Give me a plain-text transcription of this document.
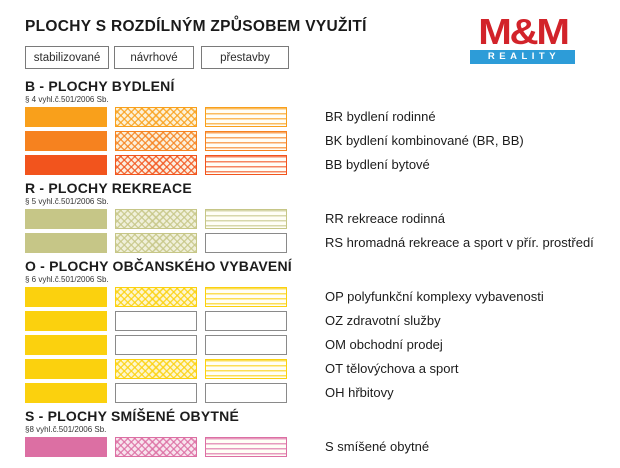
PLOCHY S ROZDÍLNÝM ZPŮSOBEM VYUŽITÍ	M&M
REALITY
stabilizované	návrhové	přestavby
B - PLOCHY BYDLENÍ
§ 4 vyhl.č.501/2006 Sb.
BR bydlení rodinné
BK bydlení kombinované (BR, BB)
BB bydlení bytové
R - PLOCHY REKREACE
§ 5 vyhl.č.501/2006 Sb.
RR rekreace rodinná
RS hromadná rekreace a sport v přír. prostředí
O - PLOCHY OBČANSKÉHO VYBAVENÍ
§ 6 vyhl.č.501/2006 Sb.
OP polyfunkční komplexy vybavenosti
OZ zdravotní služby
OM obchodní prodej
OT tělovýchova a sport
OH hřbitovy
S - PLOCHY SMÍŠENÉ OBYTNÉ
§8 vyhl.č.501/2006 Sb.
S smíšené obytné
